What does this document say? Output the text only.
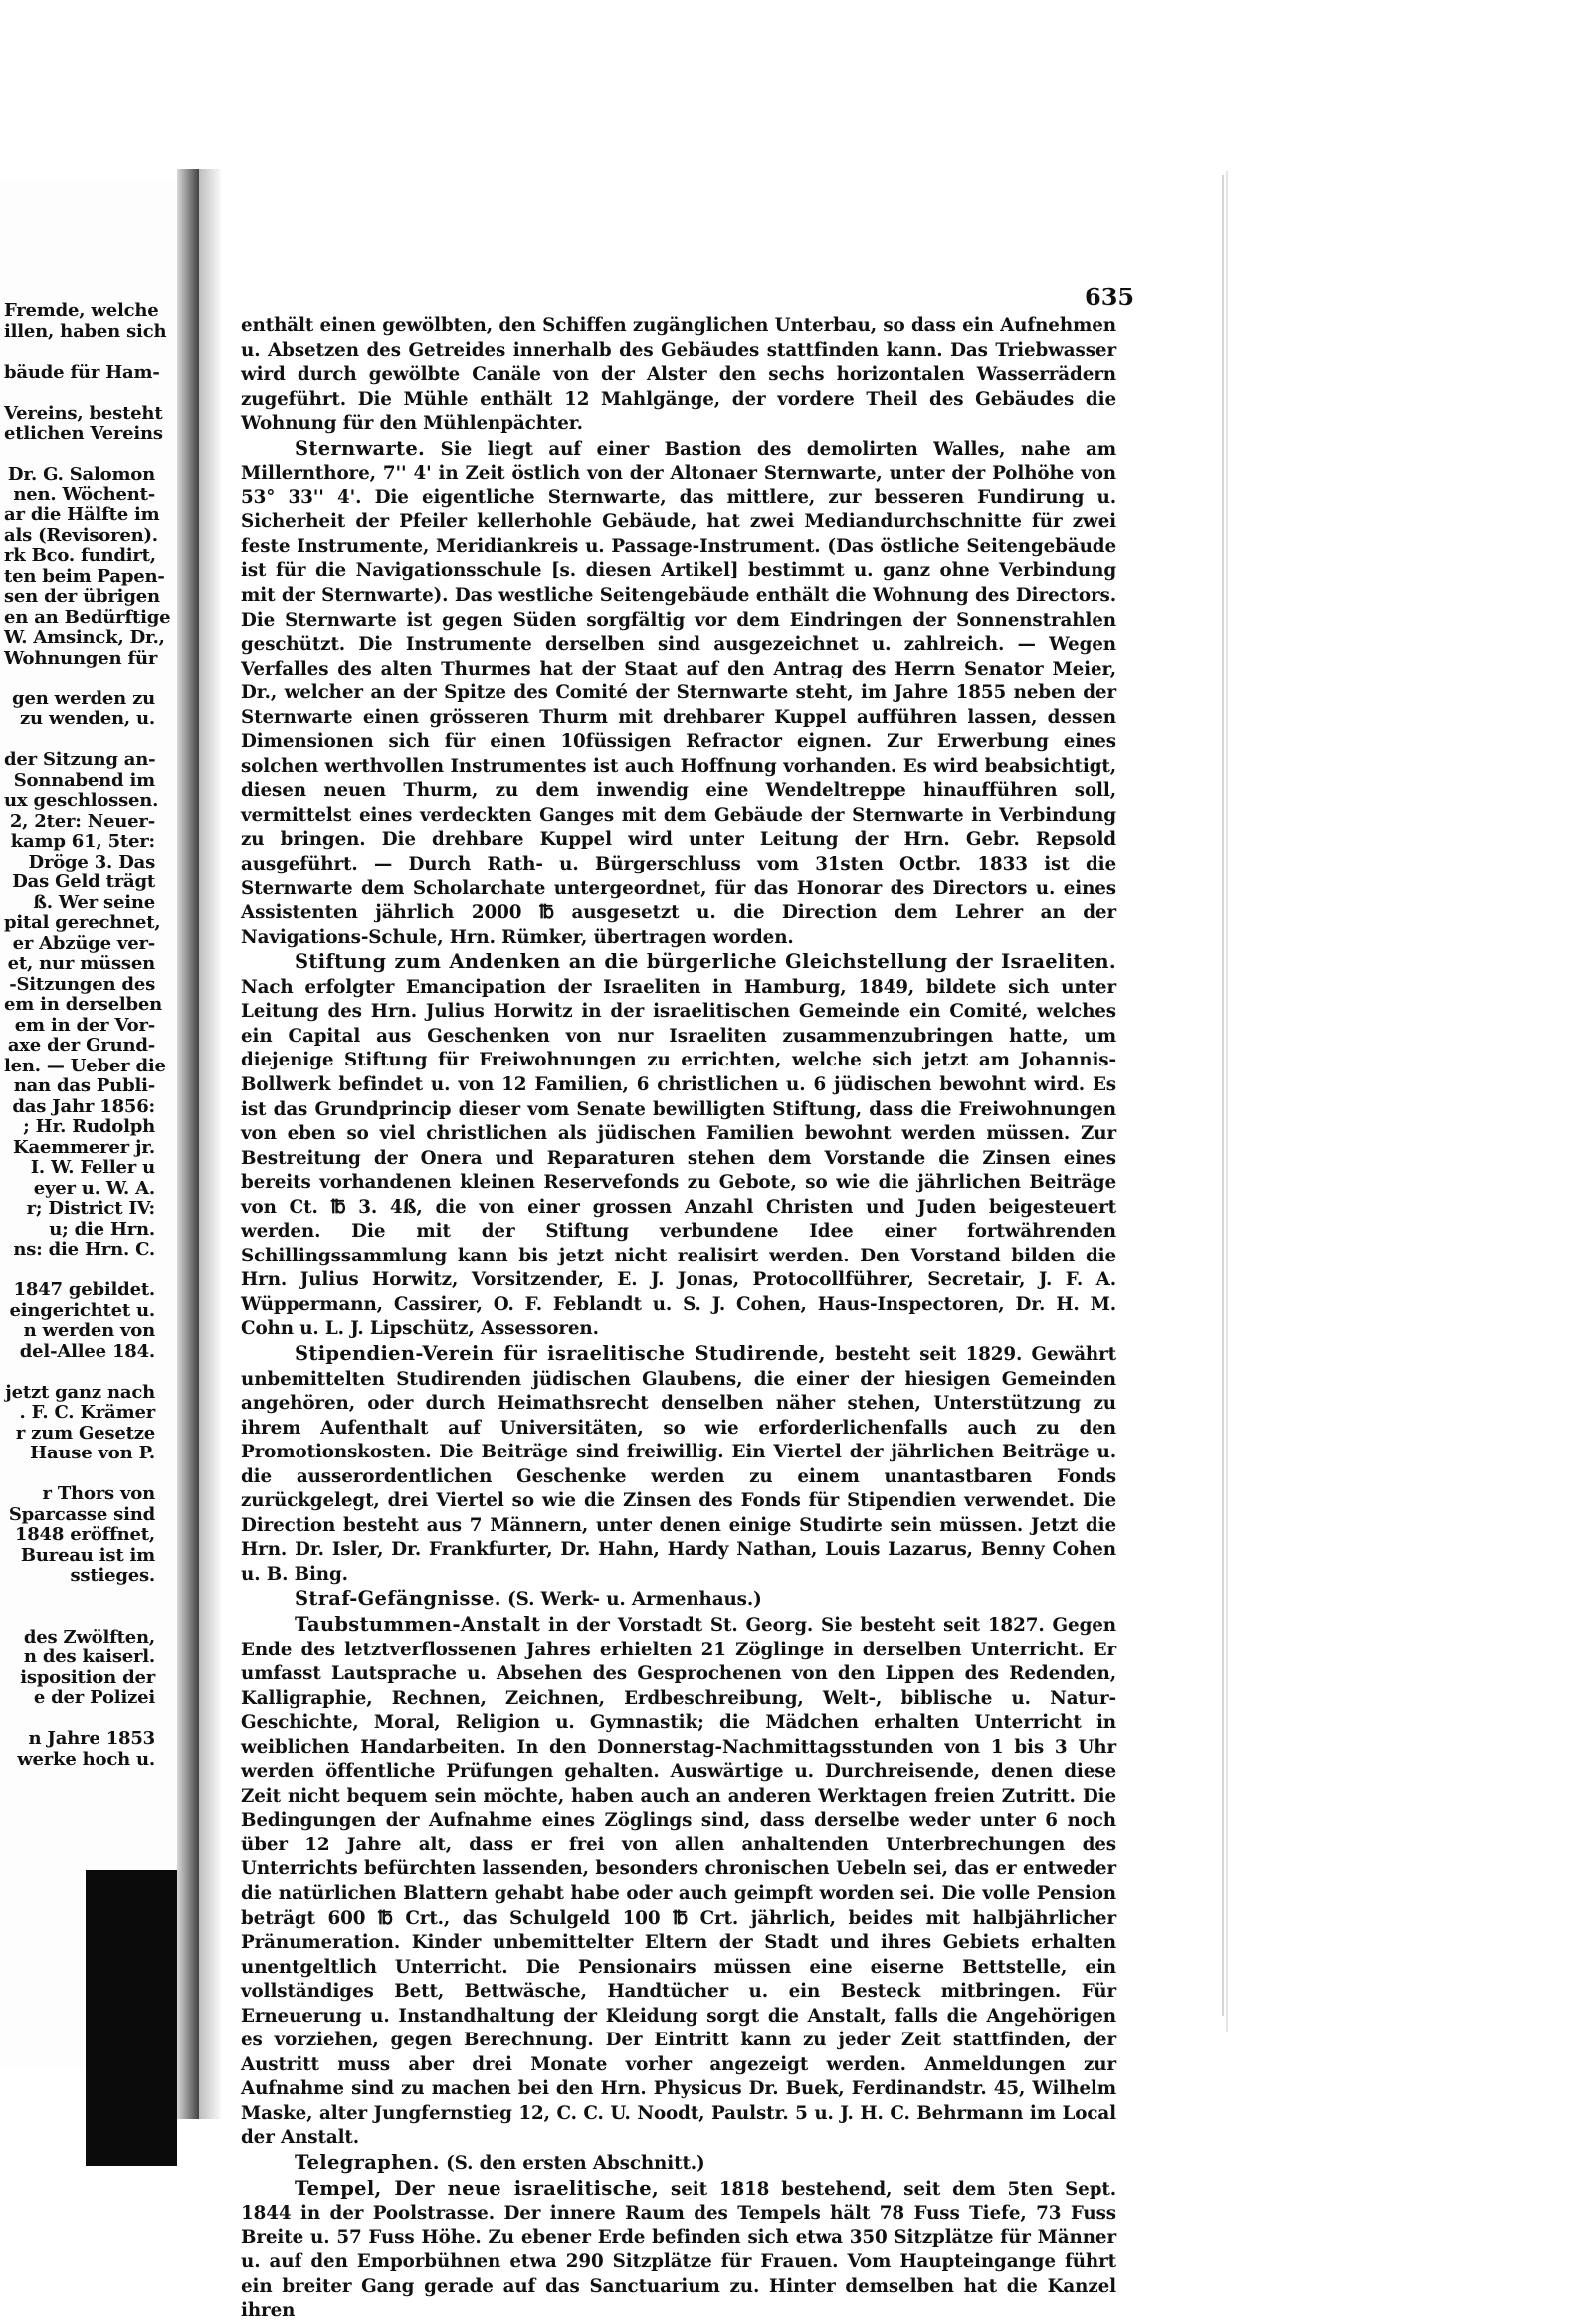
Fremde, welche
illen, haben sich
bäude für Ham-
Vereins, besteht
etlichen Vereins
Dr. G. Salomon
nen. Wöchent-
ar die Hälfte im
als (Revisoren).
rk Bco. fundirt,
ten beim Papen-
sen der übrigen
en an Bedürftige
W. Amsinck, Dr.,
Wohnungen für
gen werden zu
zu wenden, u.
der Sitzung an-
Sonnabend im
ux geschlossen.
2, 2ter: Neuer-
kamp 61, 5ter:
Dröge 3. Das
Das Geld trägt
ß. Wer seine
pital gerechnet,
er Abzüge ver-
et, nur müssen
-Sitzungen des
em in derselben
em in der Vor-
axe der Grund-
len. — Ueber die
nan das Publi-
das Jahr 1856:
; Hr. Rudolph
Kaemmerer jr.
I. W. Feller u
eyer u. W. A.
r; District IV:
u; die Hrn.
ns: die Hrn. C.
1847 gebildet.
eingerichtet u.
n werden von
del-Allee 184.
jetzt ganz nach
. F. C. Krämer
r zum Gesetze
Hause von P.
r Thors von
Sparcasse sind
1848 eröffnet,
Bureau ist im
sstieges.
des Zwölften,
n des kaiserl.
isposition der
e der Polizei
n Jahre 1853
werke hoch u.
635
enthält einen gewölbten, den Schiffen zugänglichen Unterbau, so dass ein Aufnehmen u. Absetzen des Getreides innerhalb des Gebäudes stattfinden kann. Das Triebwasser wird durch gewölbte Canäle von der Alster den sechs horizontalen Wasserrädern zugeführt. Die Mühle enthält 12 Mahlgänge, der vordere Theil des Gebäudes die Wohnung für den Mühlenpächter.
Sternwarte. Sie liegt auf einer Bastion des demolirten Walles, nahe am Millernthore, 7'' 4' in Zeit östlich von der Altonaer Sternwarte, unter der Polhöhe von 53° 33'' 4'. Die eigentliche Sternwarte, das mittlere, zur besseren Fundirung u. Sicherheit der Pfeiler kellerhohle Gebäude, hat zwei Mediandurchschnitte für zwei feste Instrumente, Meridiankreis u. Passage-Instrument. (Das östliche Seitengebäude ist für die Navigationsschule [s. diesen Artikel] bestimmt u. ganz ohne Verbindung mit der Sternwarte). Das westliche Seitengebäude enthält die Wohnung des Directors. Die Sternwarte ist gegen Süden sorgfältig vor dem Eindringen der Sonnenstrahlen geschützt. Die Instrumente derselben sind ausgezeichnet u. zahlreich. — Wegen Verfalles des alten Thurmes hat der Staat auf den Antrag des Herrn Senator Meier, Dr., welcher an der Spitze des Comité der Sternwarte steht, im Jahre 1855 neben der Sternwarte einen grösseren Thurm mit drehbarer Kuppel aufführen lassen, dessen Dimensionen sich für einen 10füssigen Refractor eignen. Zur Erwerbung eines solchen werthvollen Instrumentes ist auch Hoffnung vorhanden. Es wird beabsichtigt, diesen neuen Thurm, zu dem inwendig eine Wendeltreppe hinaufführen soll, vermittelst eines verdeckten Ganges mit dem Gebäude der Sternwarte in Verbindung zu bringen. Die drehbare Kuppel wird unter Leitung der Hrn. Gebr. Repsold ausgeführt. — Durch Rath- u. Bürgerschluss vom 31sten Octbr. 1833 ist die Sternwarte dem Scholarchate untergeordnet, für das Honorar des Directors u. eines Assistenten jährlich 2000 ℔ ausgesetzt u. die Direction dem Lehrer an der Navigations-Schule, Hrn. Rümker, übertragen worden.
Stiftung zum Andenken an die bürgerliche Gleichstellung der Israeliten. Nach erfolgter Emancipation der Israeliten in Hamburg, 1849, bildete sich unter Leitung des Hrn. Julius Horwitz in der israelitischen Gemeinde ein Comité, welches ein Capital aus Geschenken von nur Israeliten zusammenzubringen hatte, um diejenige Stiftung für Freiwohnungen zu errichten, welche sich jetzt am Johannis-Bollwerk befindet u. von 12 Familien, 6 christlichen u. 6 jüdischen bewohnt wird. Es ist das Grundprincip dieser vom Senate bewilligten Stiftung, dass die Freiwohnungen von eben so viel christlichen als jüdischen Familien bewohnt werden müssen. Zur Bestreitung der Onera und Reparaturen stehen dem Vorstande die Zinsen eines bereits vorhandenen kleinen Reservefonds zu Gebote, so wie die jährlichen Beiträge von Ct. ℔ 3. 4ß, die von einer grossen Anzahl Christen und Juden beigesteuert werden. Die mit der Stiftung verbundene Idee einer fortwährenden Schillingssammlung kann bis jetzt nicht realisirt werden. Den Vorstand bilden die Hrn. Julius Horwitz, Vorsitzender, E. J. Jonas, Protocollführer, Secretair, J. F. A. Wüppermann, Cassirer, O. F. Feblandt u. S. J. Cohen, Haus-Inspectoren, Dr. H. M. Cohn u. L. J. Lipschütz, Assessoren.
Stipendien-Verein für israelitische Studirende, besteht seit 1829. Gewährt unbemittelten Studirenden jüdischen Glaubens, die einer der hiesigen Gemeinden angehören, oder durch Heimathsrecht denselben näher stehen, Unterstützung zu ihrem Aufenthalt auf Universitäten, so wie erforderlichenfalls auch zu den Promotionskosten. Die Beiträge sind freiwillig. Ein Viertel der jährlichen Beiträge u. die ausserordentlichen Geschenke werden zu einem unantastbaren Fonds zurückgelegt, drei Viertel so wie die Zinsen des Fonds für Stipendien verwendet. Die Direction besteht aus 7 Männern, unter denen einige Studirte sein müssen. Jetzt die Hrn. Dr. Isler, Dr. Frankfurter, Dr. Hahn, Hardy Nathan, Louis Lazarus, Benny Cohen u. B. Bing.
Straf-Gefängnisse. (S. Werk- u. Armenhaus.)
Taubstummen-Anstalt in der Vorstadt St. Georg. Sie besteht seit 1827. Gegen Ende des letztverflossenen Jahres erhielten 21 Zöglinge in derselben Unterricht. Er umfasst Lautsprache u. Absehen des Gesprochenen von den Lippen des Redenden, Kalligraphie, Rechnen, Zeichnen, Erdbeschreibung, Welt-, biblische u. Natur-Geschichte, Moral, Religion u. Gymnastik; die Mädchen erhalten Unterricht in weiblichen Handarbeiten. In den Donnerstag-Nachmittagsstunden von 1 bis 3 Uhr werden öffentliche Prüfungen gehalten. Auswärtige u. Durchreisende, denen diese Zeit nicht bequem sein möchte, haben auch an anderen Werktagen freien Zutritt. Die Bedingungen der Aufnahme eines Zöglings sind, dass derselbe weder unter 6 noch über 12 Jahre alt, dass er frei von allen anhaltenden Unterbrechungen des Unterrichts befürchten lassenden, besonders chronischen Uebeln sei, das er entweder die natürlichen Blattern gehabt habe oder auch geimpft worden sei. Die volle Pension beträgt 600 ℔ Crt., das Schulgeld 100 ℔ Crt. jährlich, beides mit halbjährlicher Pränumeration. Kinder unbemittelter Eltern der Stadt und ihres Gebiets erhalten unentgeltlich Unterricht. Die Pensionairs müssen eine eiserne Bettstelle, ein vollständiges Bett, Bettwäsche, Handtücher u. ein Besteck mitbringen. Für Erneuerung u. Instandhaltung der Kleidung sorgt die Anstalt, falls die Angehörigen es vorziehen, gegen Berechnung. Der Eintritt kann zu jeder Zeit stattfinden, der Austritt muss aber drei Monate vorher angezeigt werden. Anmeldungen zur Aufnahme sind zu machen bei den Hrn. Physicus Dr. Buek, Ferdinandstr. 45, Wilhelm Maske, alter Jungfernstieg 12, C. C. U. Noodt, Paulstr. 5 u. J. H. C. Behrmann im Local der Anstalt.
Telegraphen. (S. den ersten Abschnitt.)
Tempel, Der neue israelitische, seit 1818 bestehend, seit dem 5ten Sept. 1844 in der Poolstrasse. Der innere Raum des Tempels hält 78 Fuss Tiefe, 73 Fuss Breite u. 57 Fuss Höhe. Zu ebener Erde befinden sich etwa 350 Sitzplätze für Männer u. auf den Emporbühnen etwa 290 Sitzplätze für Frauen. Vom Haupteingange führt ein breiter Gang gerade auf das Sanctuarium zu. Hinter demselben hat die Kanzel ihren
